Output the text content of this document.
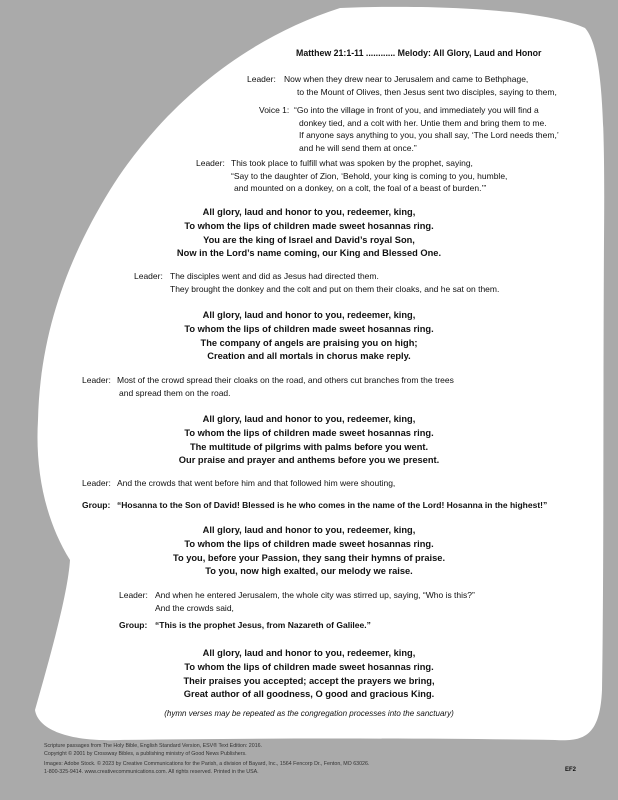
Matthew 21:1-11 ............ Melody: All Glory, Laud and Honor
Leader: Now when they drew near to Jerusalem and came to Bethphage,
to the Mount of Olives, then Jesus sent two disciples, saying to them,
Voice 1: “Go into the village in front of you, and immediately you will find a
donkey tied, and a colt with her. Untie them and bring them to me.
If anyone says anything to you, you shall say, ‘The Lord needs them,’
and he will send them at once.”
Leader: This took place to fulfill what was spoken by the prophet, saying,
“Say to the daughter of Zion, ‘Behold, your king is coming to you, humble,
and mounted on a donkey, on a colt, the foal of a beast of burden.’”
All glory, laud and honor to you, redeemer, king,
To whom the lips of children made sweet hosannas ring.
You are the king of Israel and David’s royal Son,
Now in the Lord’s name coming, our King and Blessed One.
Leader: The disciples went and did as Jesus had directed them.
They brought the donkey and the colt and put on them their cloaks, and he sat on them.
All glory, laud and honor to you, redeemer, king,
To whom the lips of children made sweet hosannas ring.
The company of angels are praising you on high;
Creation and all mortals in chorus make reply.
Leader: Most of the crowd spread their cloaks on the road, and others cut branches from the trees
and spread them on the road.
All glory, laud and honor to you, redeemer, king,
To whom the lips of children made sweet hosannas ring.
The multitude of pilgrims with palms before you went.
Our praise and prayer and anthems before you we present.
Leader: And the crowds that went before him and that followed him were shouting,
Group: “Hosanna to the Son of David! Blessed is he who comes in the name of the Lord! Hosanna in the highest!”
All glory, laud and honor to you, redeemer, king,
To whom the lips of children made sweet hosannas ring.
To you, before your Passion, they sang their hymns of praise.
To you, now high exalted, our melody we raise.
Leader: And when he entered Jerusalem, the whole city was stirred up, saying, “Who is this?”
And the crowds said,
Group: “This is the prophet Jesus, from Nazareth of Galilee.”
All glory, laud and honor to you, redeemer, king,
To whom the lips of children made sweet hosannas ring.
Their praises you accepted; accept the prayers we bring,
Great author of all goodness, O good and gracious King.
(hymn verses may be repeated as the congregation processes into the sanctuary)
Scripture passages from The Holy Bible, English Standard Version, ESV® Text Edition: 2016.
Copyright © 2001 by Crossway Bibles, a publishing ministry of Good News Publishers.
Images: Adobe Stock. © 2023 by Creative Communications for the Parish, a division of Bayard, Inc., 1564 Fencorp Dr., Fenton, MO 63026.
1-800-325-9414. www.creativecommunications.com. All rights reserved. Printed in the USA.	EF2
